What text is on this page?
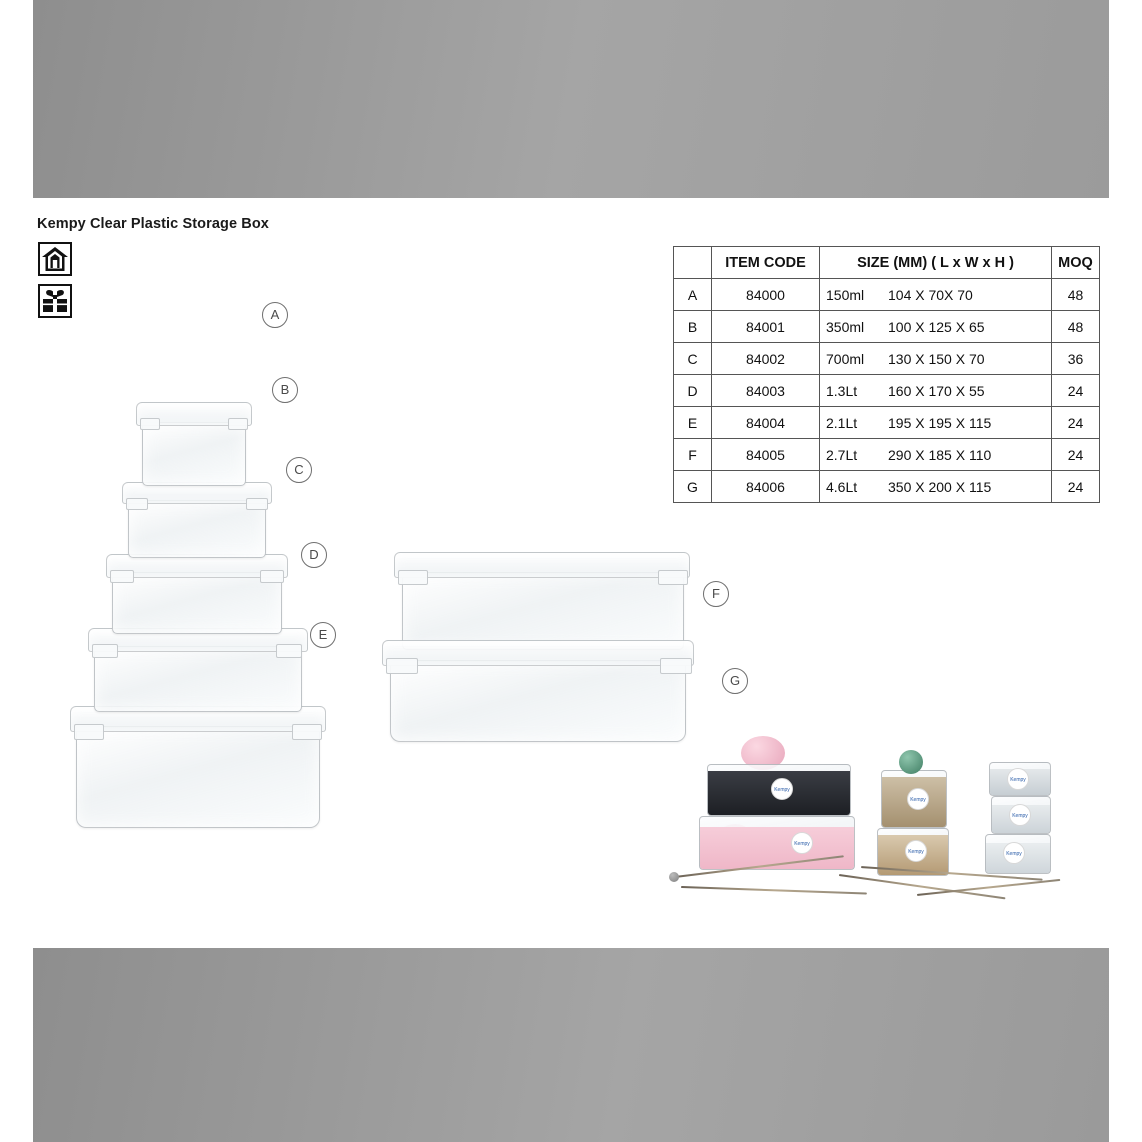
Kempy Clear Plastic Storage Box
Kempy
Kempy
Kempy
Kempy
Kempy
Kempy
Kempy
A
B
C
D
E
F
G
	ITEM CODE	SIZE (MM) ( L x W x H )	MOQ
A	84000	150ml 104 X 70X 70	48
B	84001	350ml 100 X 125 X 65	48
C	84002	700ml 130 X 150 X 70	36
D	84003	1.3Lt 160 X 170 X 55	24
E	84004	2.1Lt 195 X 195 X 115	24
F	84005	2.7Lt 290 X 185 X 110	24
G	84006	4.6Lt 350 X 200 X 115	24
